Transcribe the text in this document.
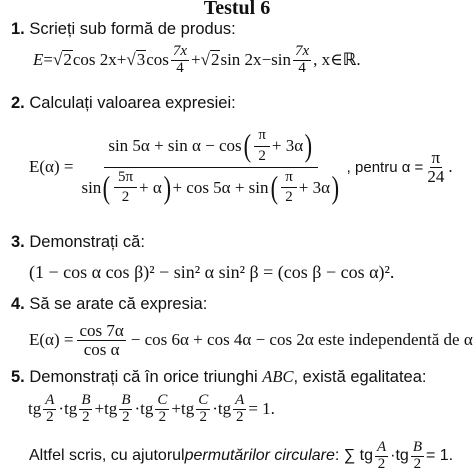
Testul 6
1. Scrieți sub formă de produs:
E = √ 2 cos 2x + √ 3 $\cos \frac{7x}{4}$ + √ 2 $\sin 2x - \sin \frac{7x}{4}$ , x∈ ℝ .
2. Calculați valoarea expresiei:
E(α) =
sin 5α + sin α − cos ( $\frac{\pi}{2} + 3\alpha$ )
sin ( $\frac{5\pi}{2} + \alpha$ ) + cos 5α + sin ( $\frac{\pi}{2} + 3\alpha$ )
, pentru $\alpha = \frac{\pi}{24}$ .
3. Demonstrați că:
(1 − cos α cos β)² − sin² α sin² β = (cos β − cos α)².
4. Să se arate că expresia:
$E(\alpha) = \frac{\cos 7\alpha}{\text{cos α}} - \cos 6\alpha + \cos 4\alpha - \cos 2\alpha$ este independentă de α
5. Demonstrați că în orice triunghi ABC, există egalitatea:
tg $\frac{A}{2}$ · tg $\frac{B}{2}$ + tg $\frac{B}{2}$ · tg $\frac{C}{2}$ + tg $\frac{C}{2}$ · tg $\frac{A}{2} = 1$.
Altfel scris, cu ajutorul permutărilor circulare : ∑ tg $\frac{A}{2}$ · tg $\frac{B}{2} = 1$.
